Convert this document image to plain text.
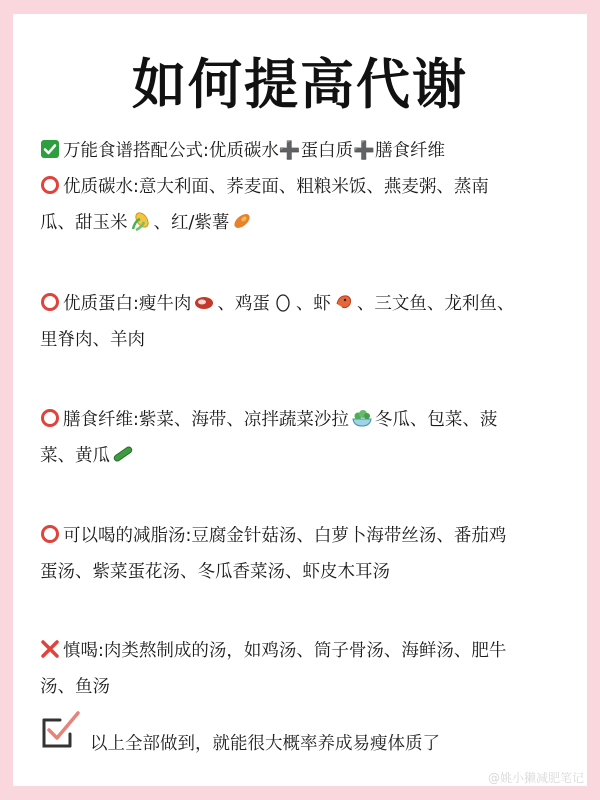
如何提高代谢
万能食谱搭配公式:优质碳水➕蛋白质➕膳食纤维
优质碳水:意大利面、荞麦面、粗粮米饭、燕麦粥、蒸南
瓜、甜玉米 、红/紫薯
优质蛋白:瘦牛肉 、鸡蛋 、虾 、三文鱼、龙利鱼、
里脊肉、羊肉
膳食纤维:紫菜、海带、凉拌蔬菜沙拉 冬瓜、包菜、菠
菜、黄瓜
可以喝的减脂汤:豆腐金针菇汤、白萝卜海带丝汤、番茄鸡
蛋汤、紫菜蛋花汤、冬瓜香菜汤、虾皮木耳汤
慎喝:肉类熬制成的汤，如鸡汤、筒子骨汤、海鲜汤、肥牛
汤、鱼汤
以上全部做到，就能很大概率养成易瘦体质了
@姚小獭减肥笔记
